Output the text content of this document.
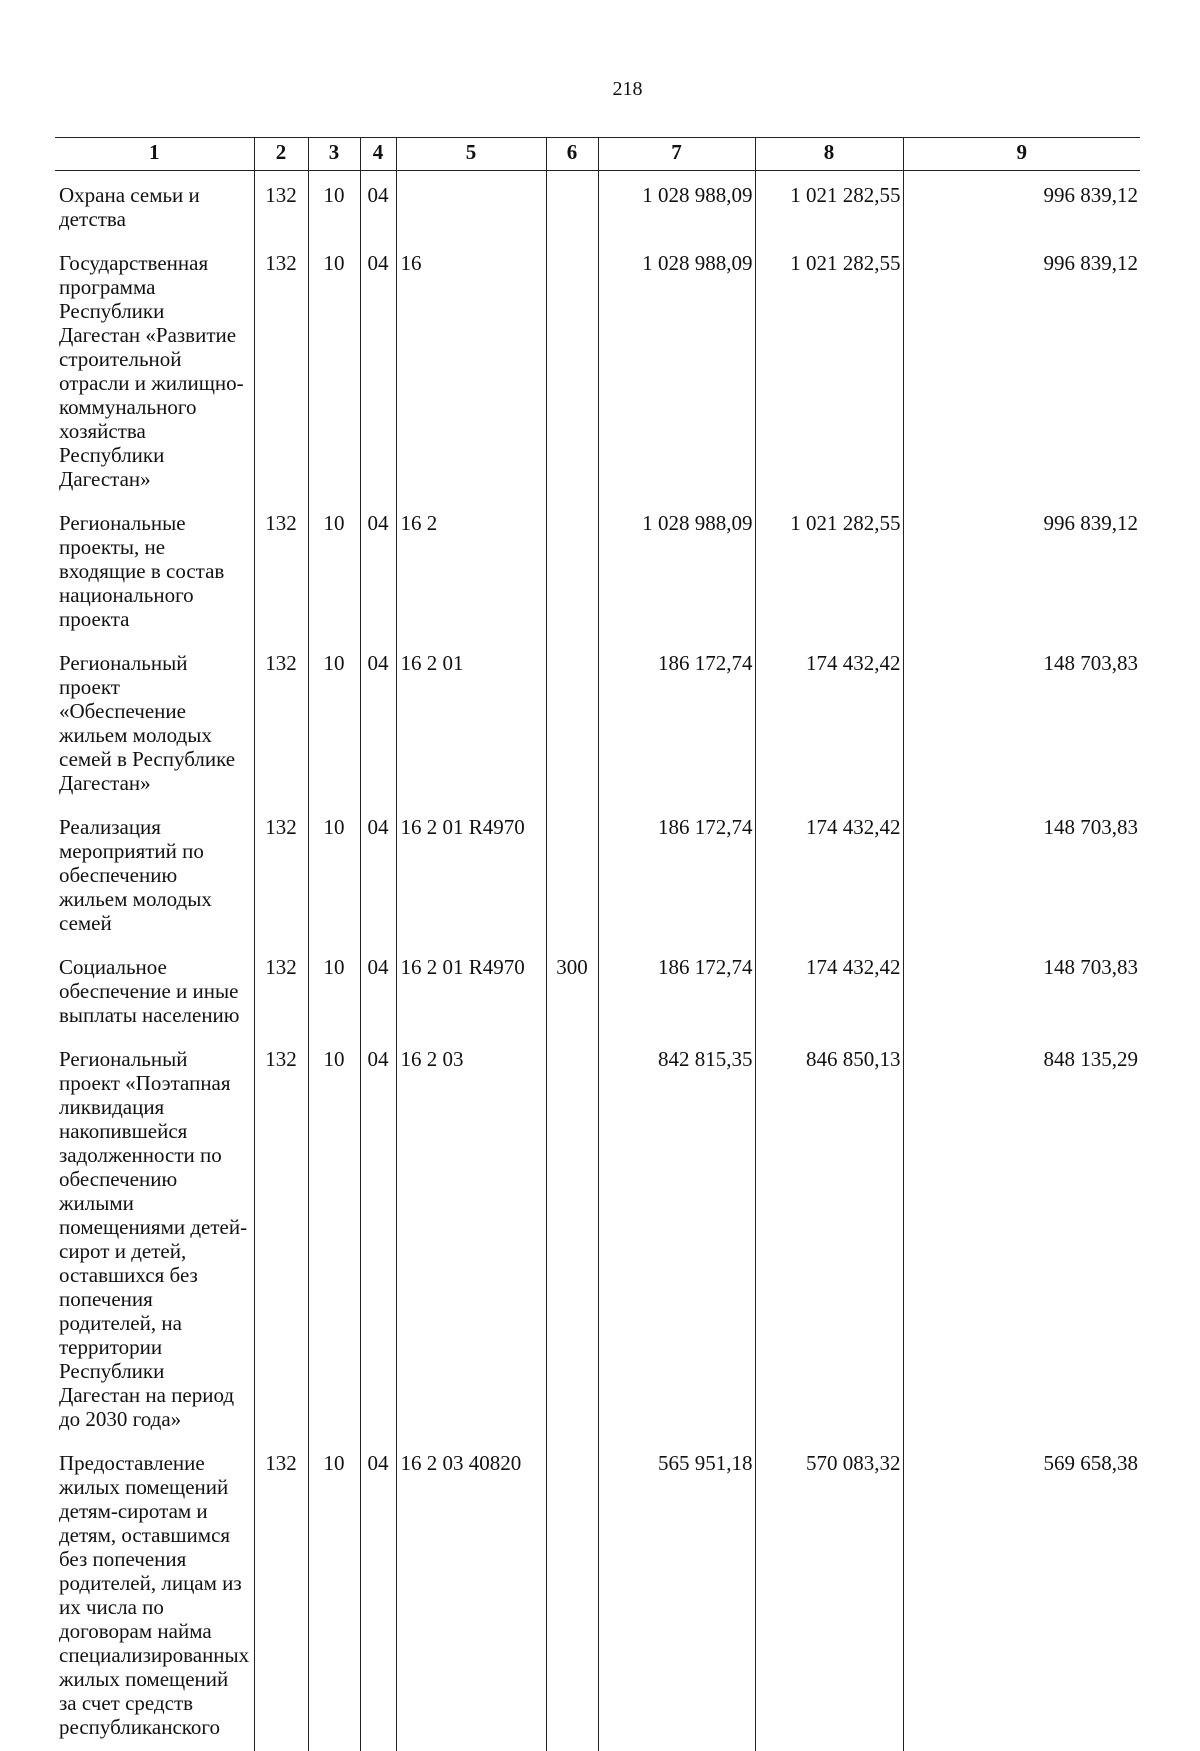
218
1	2	3	4	5	6	7	8	9
Охрана семьи и детства	132	10	04			1 028 988,09	1 021 282,55	996 839,12
Государственная программа Республики Дагестан «Развитие строительной отрасли и жилищно-коммунального хозяйства Республики Дагестан»	132	10	04	16		1 028 988,09	1 021 282,55	996 839,12
Региональные проекты, не входящие в состав национального проекта	132	10	04	16 2		1 028 988,09	1 021 282,55	996 839,12
Региональный проект «Обеспечение жильем молодых семей в Республике Дагестан»	132	10	04	16 2 01		186 172,74	174 432,42	148 703,83
Реализация мероприятий по обеспечению жильем молодых семей	132	10	04	16 2 01 R4970		186 172,74	174 432,42	148 703,83
Социальное обеспечение и иные выплаты населению	132	10	04	16 2 01 R4970	300	186 172,74	174 432,42	148 703,83
Региональный проект «Поэтапная ликвидация накопившейся задолженности по обеспечению жилыми помещениями детей-сирот и детей, оставшихся без попечения родителей, на территории Республики Дагестан на период до 2030 года»	132	10	04	16 2 03		842 815,35	846 850,13	848 135,29
Предоставление жилых помещений детям-сиротам и детям, оставшимся без попечения родителей, лицам из их числа по договорам найма специализированных жилых помещений за счет средств республиканского	132	10	04	16 2 03 40820		565 951,18	570 083,32	569 658,38
